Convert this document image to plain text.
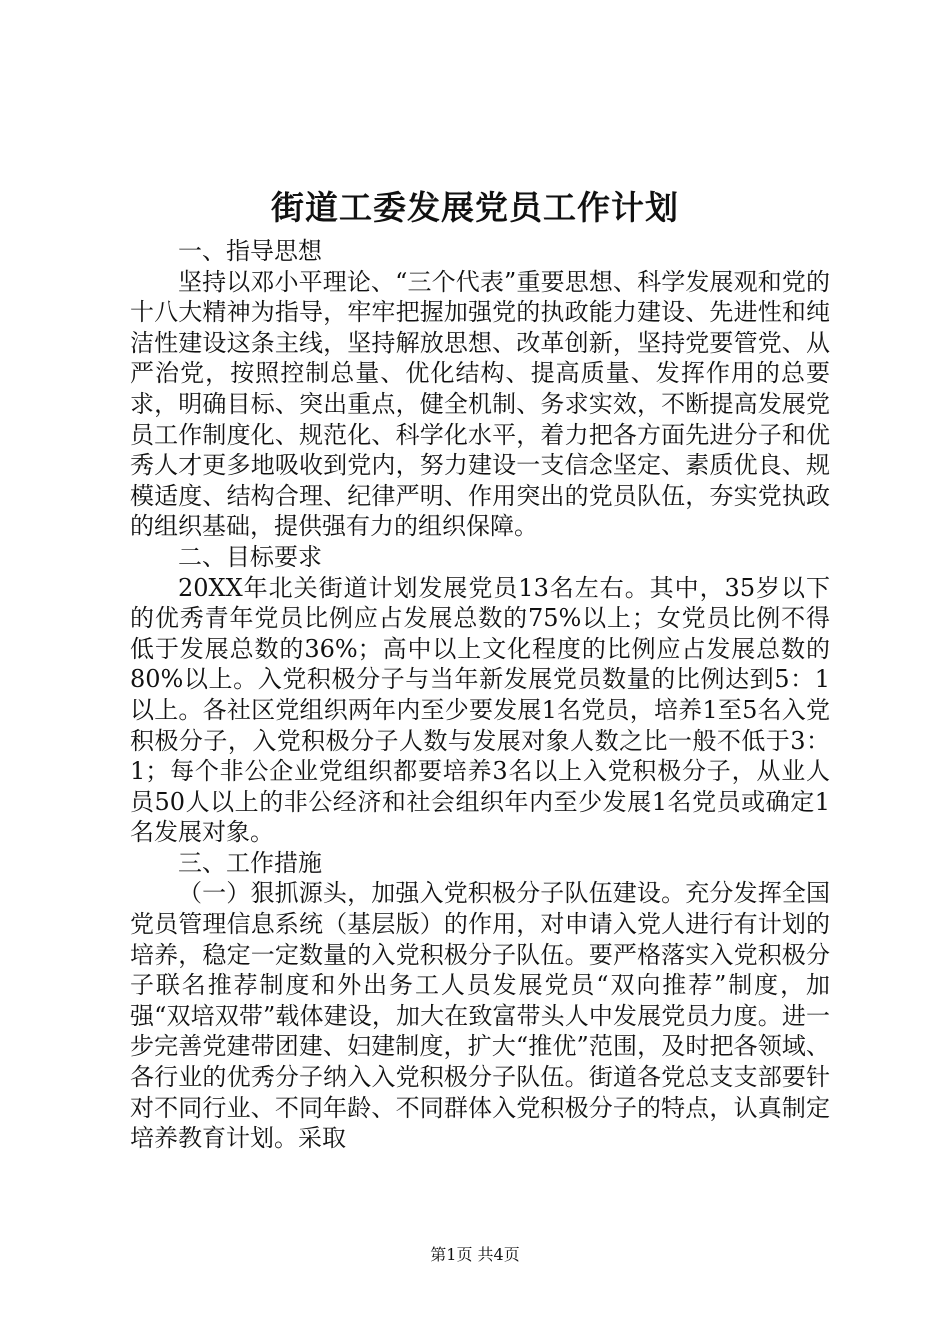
街道工委发展党员工作计划

一、指导思想

坚持以邓小平理论、“三个代表”重要思想、科学发展观和党的十八大精神为指导，牢牢把握加强党的执政能力建设、先进性和纯洁性建设这条主线，坚持解放思想、改革创新，坚持党要管党、从严治党，按照控制总量、优化结构、提高质量、发挥作用的总要求，明确目标、突出重点，健全机制、务求实效，不断提高发展党员工作制度化、规范化、科学化水平，着力把各方面先进分子和优秀人才更多地吸收到党内，努力建设一支信念坚定、素质优良、规模适度、结构合理、纪律严明、作用突出的党员队伍，夯实党执政的组织基础，提供强有力的组织保障。

二、目标要求

20XX年北关街道计划发展党员13名左右。其中，35岁以下的优秀青年党员比例应占发展总数的75%以上；女党员比例不得低于发展总数的36%；高中以上文化程度的比例应占发展总数的80%以上。入党积极分子与当年新发展党员数量的比例达到5：1以上。各社区党组织两年内至少要发展1名党员，培养1至5名入党积极分子，入党积极分子人数与发展对象人数之比一般不低于3：1；每个非公企业党组织都要培养3名以上入党积极分子，从业人员50人以上的非公经济和社会组织年内至少发展1名党员或确定1名发展对象。

三、工作措施

（一）狠抓源头，加强入党积极分子队伍建设。充分发挥全国党员管理信息系统（基层版）的作用，对申请入党人进行有计划的培养，稳定一定数量的入党积极分子队伍。要严格落实入党积极分子联名推荐制度和外出务工人员发展党员“双向推荐”制度，加强“双培双带”载体建设，加大在致富带头人中发展党员力度。进一步完善党建带团建、妇建制度，扩大“推优”范围，及时把各领域、各行业的优秀分子纳入入党积极分子队伍。街道各党总支支部要针对不同行业、不同年龄、不同群体入党积极分子的特点，认真制定培养教育计划。采取

第1页 共4页
